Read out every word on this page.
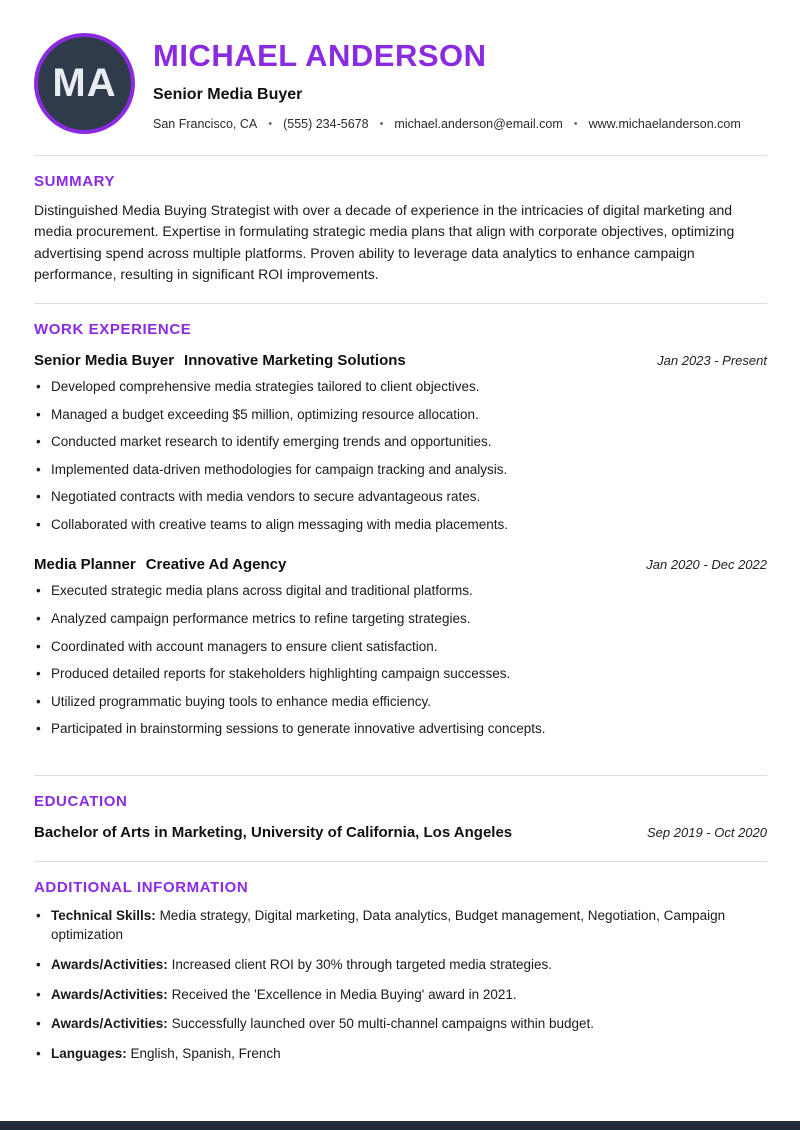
MA
MICHAEL ANDERSON
Senior Media Buyer
San Francisco, CA • (555) 234-5678 • michael.anderson@email.com • www.michaelanderson.com
SUMMARY

Distinguished Media Buying Strategist with over a decade of experience in the intricacies of digital marketing and media procurement. Expertise in formulating strategic media plans that align with corporate objectives, optimizing advertising spend across multiple platforms. Proven ability to leverage data analytics to enhance campaign performance, resulting in significant ROI improvements.

WORK EXPERIENCE
Senior Media Buyer Innovative Marketing Solutions	Jan 2023 - Present
• Developed comprehensive media strategies tailored to client objectives.
• Managed a budget exceeding $5 million, optimizing resource allocation.
• Conducted market research to identify emerging trends and opportunities.
• Implemented data-driven methodologies for campaign tracking and analysis.
• Negotiated contracts with media vendors to secure advantageous rates.
• Collaborated with creative teams to align messaging with media placements.
Media Planner Creative Ad Agency	Jan 2020 - Dec 2022
• Executed strategic media plans across digital and traditional platforms.
• Analyzed campaign performance metrics to refine targeting strategies.
• Coordinated with account managers to ensure client satisfaction.
• Produced detailed reports for stakeholders highlighting campaign successes.
• Utilized programmatic buying tools to enhance media efficiency.
• Participated in brainstorming sessions to generate innovative advertising concepts.
EDUCATION
Bachelor of Arts in Marketing, University of California, Los Angeles	Sep 2019 - Oct 2020
ADDITIONAL INFORMATION
• Technical Skills: Media strategy, Digital marketing, Data analytics, Budget management, Negotiation, Campaign optimization
• Awards/Activities: Increased client ROI by 30% through targeted media strategies.
• Awards/Activities: Received the 'Excellence in Media Buying' award in 2021.
• Awards/Activities: Successfully launched over 50 multi-channel campaigns within budget.
• Languages: English, Spanish, French
